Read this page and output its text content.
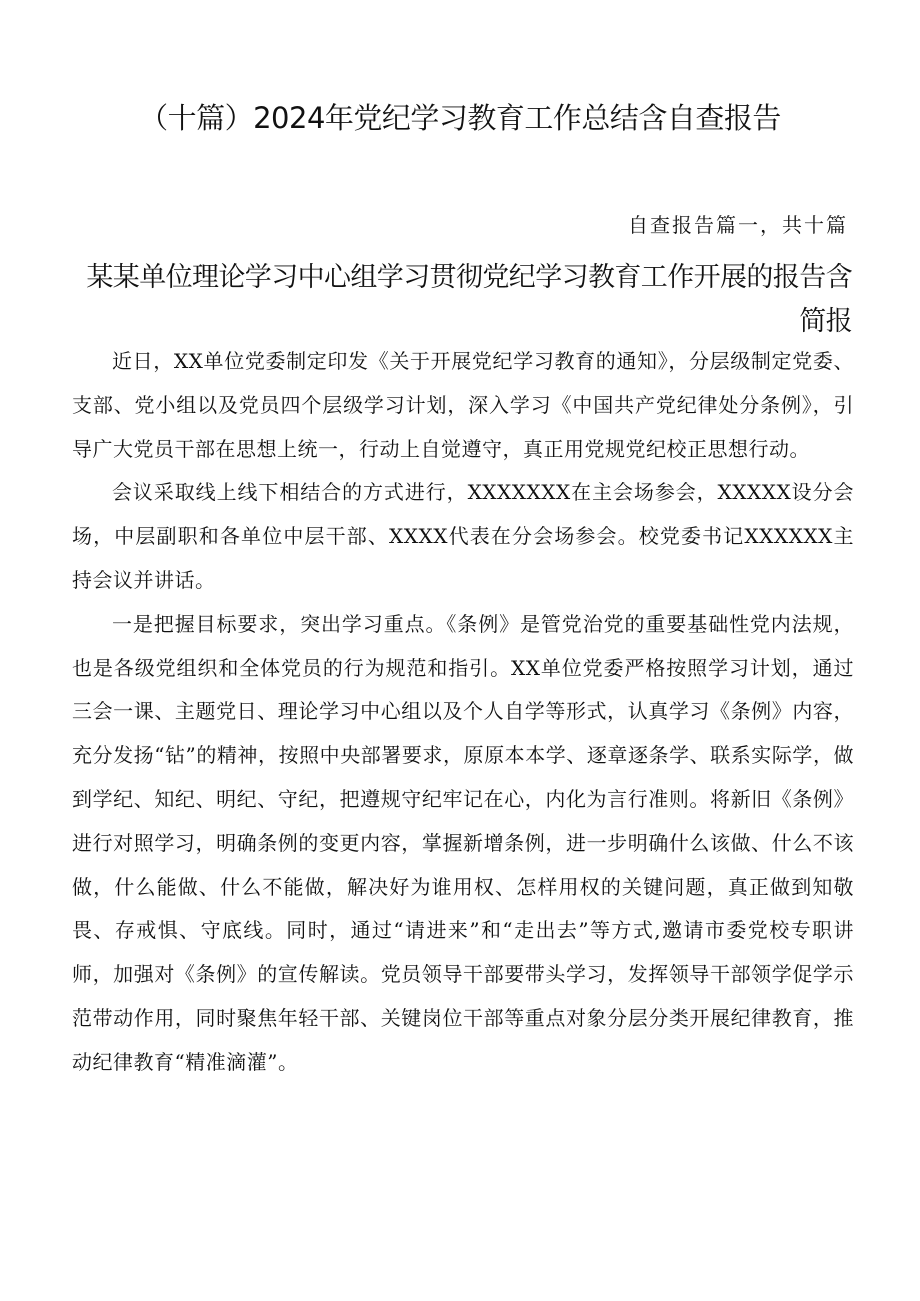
（十篇）2024年党纪学习教育工作总结含自查报告
自查报告篇一，共十篇
某某单位理论学习中心组学习贯彻党纪学习教育工作开展的报告含简报

近日，XX单位党委制定印发《关于开展党纪学习教育的通知》，分层级制定党委、支部、党小组以及党员四个层级学习计划，深入学习《中国共产党纪律处分条例》，引导广大党员干部在思想上统一，行动上自觉遵守，真正用党规党纪校正思想行动。

会议采取线上线下相结合的方式进行，XXXXXXX在主会场参会，XXXXX设分会场，中层副职和各单位中层干部、XXXX代表在分会场参会。校党委书记XXXXXX主持会议并讲话。

一是把握目标要求，突出学习重点。《条例》是管党治党的重要基础性党内法规，也是各级党组织和全体党员的行为规范和指引。XX单位党委严格按照学习计划，通过三会一课、主题党日、理论学习中心组以及个人自学等形式，认真学习《条例》内容，充分发扬“钻”的精神，按照中央部署要求，原原本本学、逐章逐条学、联系实际学，做到学纪、知纪、明纪、守纪，把遵规守纪牢记在心，内化为言行准则。将新旧《条例》进行对照学习，明确条例的变更内容，掌握新增条例，进一步明确什么该做、什么不该做，什么能做、什么不能做，解决好为谁用权、怎样用权的关键问题，真正做到知敬畏、存戒惧、守底线。同时，通过“请进来”和“走出去”等方式,邀请市委党校专职讲师，加强对《条例》的宣传解读。党员领导干部要带头学习，发挥领导干部领学促学示范带动作用，同时聚焦年轻干部、关键岗位干部等重点对象分层分类开展纪律教育，推动纪律教育“精准滴灌”。
